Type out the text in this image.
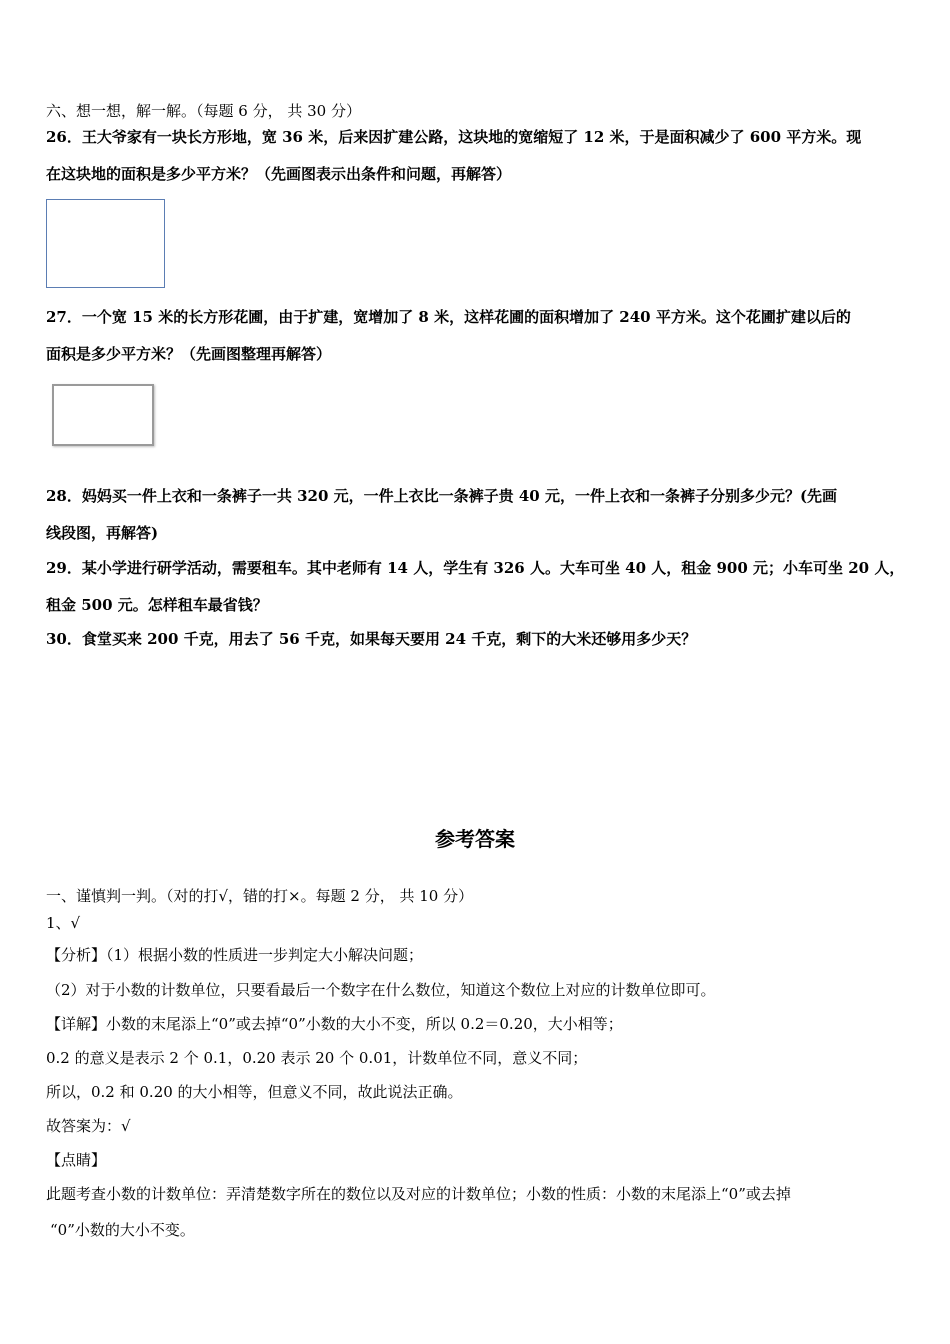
六、想一想，解一解。（每题 6 分， 共 30 分）
26．王大爷家有一块长方形地，宽 36 米，后来因扩建公路，这块地的宽缩短了 12 米，于是面积减少了 600 平方米。现
在这块地的面积是多少平方米？（先画图表示出条件和问题，再解答）
27．一个宽 15 米的长方形花圃，由于扩建，宽增加了 8 米，这样花圃的面积增加了 240 平方米。这个花圃扩建以后的
面积是多少平方米？（先画图整理再解答）
28．妈妈买一件上衣和一条裤子一共 320 元，一件上衣比一条裤子贵 40 元，一件上衣和一条裤子分别多少元？(先画
线段图，再解答)
29．某小学进行研学活动，需要租车。其中老师有 14 人，学生有 326 人。大车可坐 40 人，租金 900 元；小车可坐 20 人，
租金 500 元。怎样租车最省钱？
30．食堂买来 200 千克，用去了 56 千克，如果每天要用 24 千克，剩下的大米还够用多少天？
参考答案
一、谨慎判一判。（对的打√，错的打×。每题 2 分， 共 10 分）
1、√
【分析】（1）根据小数的性质进一步判定大小解决问题；
（2）对于小数的计数单位，只要看最后一个数字在什么数位，知道这个数位上对应的计数单位即可。
【详解】小数的末尾添上“0”或去掉“0”小数的大小不变，所以 0.2＝0.20，大小相等；
0.2 的意义是表示 2 个 0.1，0.20 表示 20 个 0.01，计数单位不同，意义不同；
所以，0.2 和 0.20 的大小相等，但意义不同，故此说法正确。
故答案为：√
【点睛】
此题考查小数的计数单位：弄清楚数字所在的数位以及对应的计数单位；小数的性质：小数的末尾添上“0”或去掉
“0”小数的大小不变。
